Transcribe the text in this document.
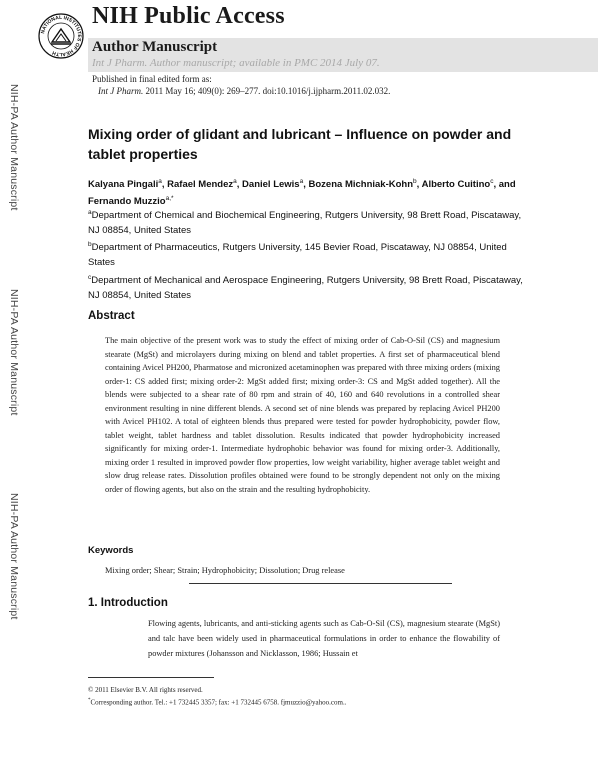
NATIONAL INSTITUTES OF HEALTH
NIH Public Access
Author Manuscript
Int J Pharm. Author manuscript; available in PMC 2014 July 07.
Published in final edited form as:
Int J Pharm. 2011 May 16; 409(0): 269–277. doi:10.1016/j.ijpharm.2011.02.032.
NIH-PA Author Manuscript
NIH-PA Author Manuscript
NIH-PA Author Manuscript
Mixing order of glidant and lubricant – Influence on powder and tablet properties
Kalyana Pingali$^a$, Rafael Mendez$^a$, Daniel Lewis$^a$, Bozena Michniak-Kohn$^b$, Alberto Cuitino$^c$, and Fernando Muzzio$^{a,*}$
$^a$Department of Chemical and Biochemical Engineering, Rutgers University, 98 Brett Road, Piscataway, NJ 08854, United States
$^b$Department of Pharmaceutics, Rutgers University, 145 Bevier Road, Piscataway, NJ 08854, United States
$^c$Department of Mechanical and Aerospace Engineering, Rutgers University, 98 Brett Road, Piscataway, NJ 08854, United States
Abstract
The main objective of the present work was to study the effect of mixing order of Cab-O-Sil (CS) and magnesium stearate (MgSt) and microlayers during mixing on blend and tablet properties. A first set of pharmaceutical blend containing Avicel PH200, Pharmatose and micronized acetaminophen was prepared with three mixing orders (mixing order-1: CS added first; mixing order-2: MgSt added first; mixing order-3: CS and MgSt added together). All the blends were subjected to a shear rate of 80 rpm and strain of 40, 160 and 640 revolutions in a controlled shear environment resulting in nine different blends. A second set of nine blends was prepared by replacing Avicel PH200 with Avicel PH102. A total of eighteen blends thus prepared were tested for powder hydrophobicity, powder flow, tablet weight, tablet hardness and tablet dissolution. Results indicated that powder hydrophobicity increased significantly for mixing order-1. Intermediate hydrophobic behavior was found for mixing order-3. Additionally, mixing order 1 resulted in improved powder flow properties, low weight variability, higher average tablet weight and slow drug release rates. Dissolution profiles obtained were found to be strongly dependent not only on the mixing order of flowing agents, but also on the strain and the resulting hydrophobicity.
Keywords
Mixing order; Shear; Strain; Hydrophobicity; Dissolution; Drug release
1. Introduction
Flowing agents, lubricants, and anti-sticking agents such as Cab-O-Sil (CS), magnesium stearate (MgSt) and talc have been widely used in pharmaceutical formulations in order to enhance the flowability of powder mixtures (Johansson and Nicklasson, 1986; Hussain et
© 2011 Elsevier B.V. All rights reserved.
*Corresponding author. Tel.: +1 732445 3357; fax: +1 732445 6758. fjmuzzio@yahoo.com..
